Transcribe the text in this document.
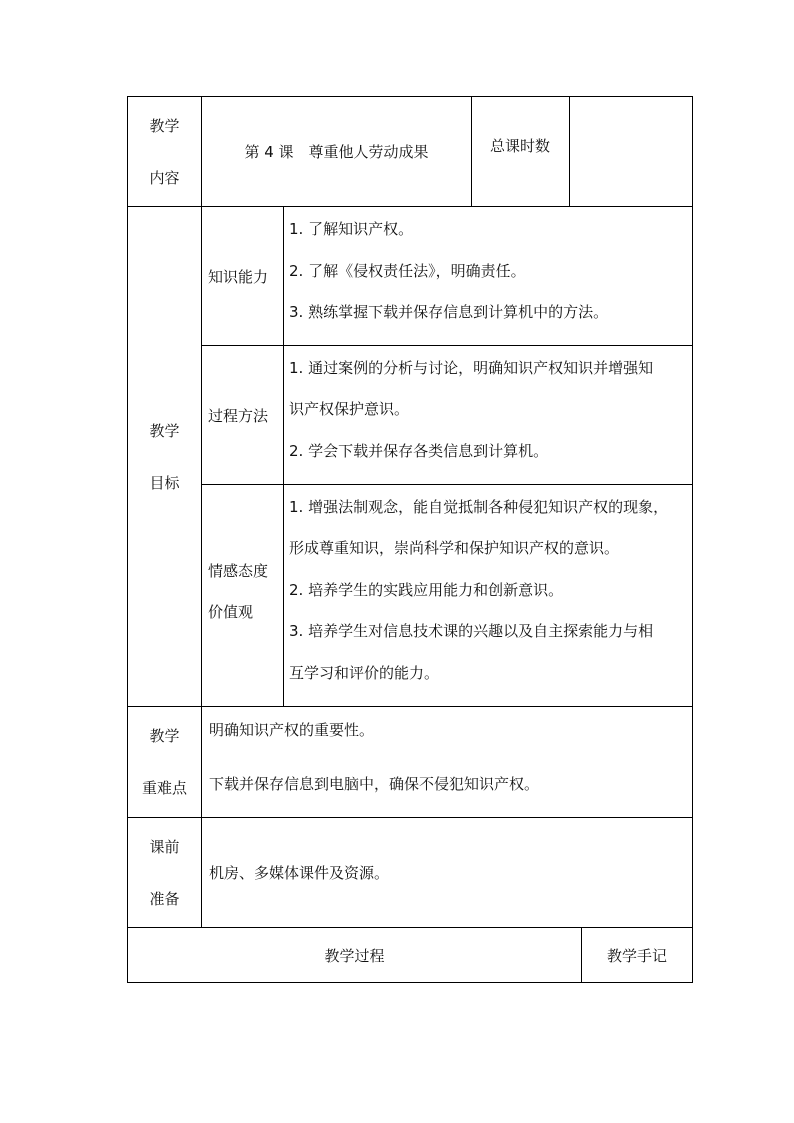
教学
内容
第 4 课　尊重他人劳动成果	总课时数
教学
目标
知识能力
1. 了解知识产权。
2. 了解《侵权责任法》，明确责任。
3. 熟练掌握下载并保存信息到计算机中的方法。
过程方法
1. 通过案例的分析与讨论，明确知识产权知识并增强知
识产权保护意识。
2. 学会下载并保存各类信息到计算机。
情感态度
价值观
1. 增强法制观念，能自觉抵制各种侵犯知识产权的现象，
形成尊重知识，崇尚科学和保护知识产权的意识。
2. 培养学生的实践应用能力和创新意识。
3. 培养学生对信息技术课的兴趣以及自主探索能力与相
互学习和评价的能力。
教学
重难点
明确知识产权的重要性。
下载并保存信息到电脑中，确保不侵犯知识产权。
课前
准备
机房、多媒体课件及资源。
教学过程	教学手记
